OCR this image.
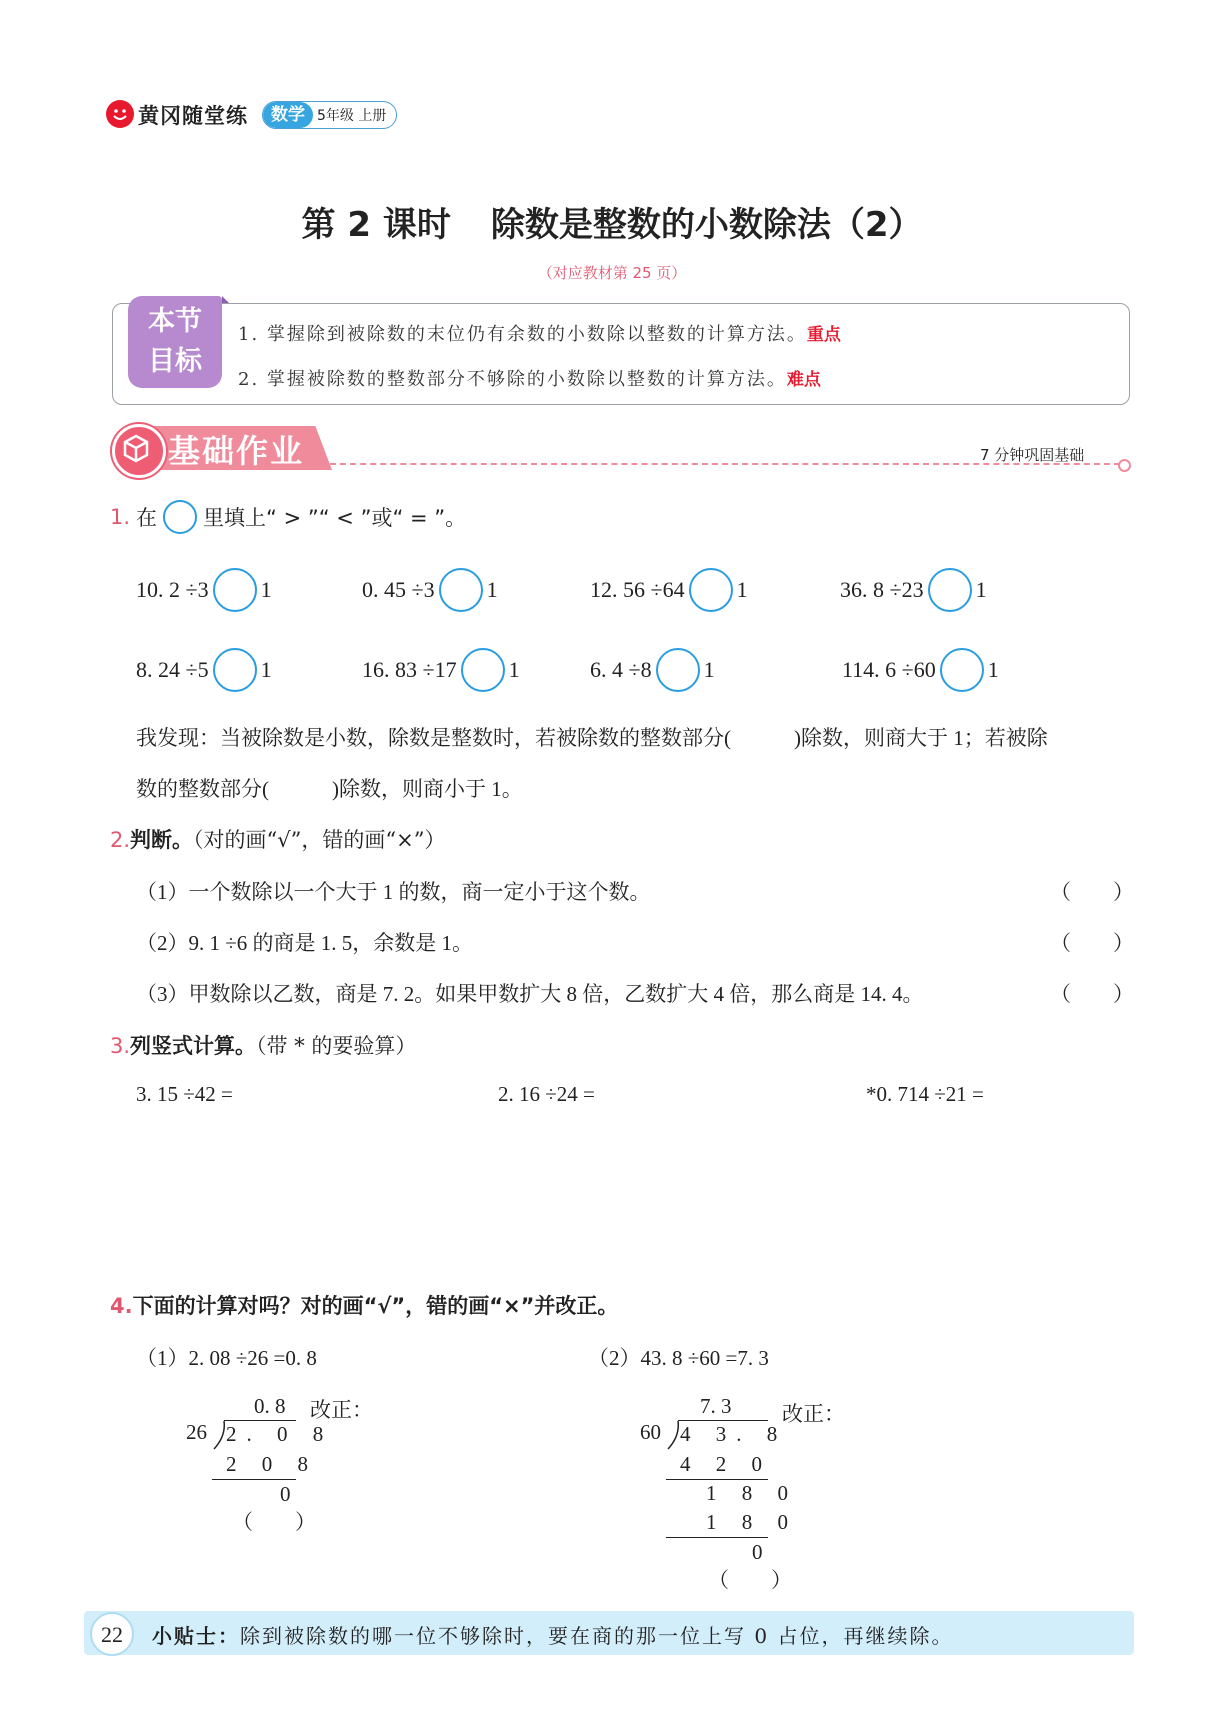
黄冈随堂练	数学 5年级 上册
第 2 课时 除数是整数的小数除法（2）
（对应教材第 25 页）
本节
目标
1. 掌握除到被除数的末位仍有余数的小数除以整数的计算方法。重点
2. 掌握被除数的整数部分不够除的小数除以整数的计算方法。难点
基础作业	7 分钟巩固基础
1. 在 里填上“ > ”“ < ”或“ = ”。
10. 2 ÷3 1	0. 45 ÷3 1	12. 56 ÷64 1	36. 8 ÷23 1
8. 24 ÷5 1	16. 83 ÷17 1	6. 4 ÷8 1	114. 6 ÷60 1
我发现：当被除数是小数，除数是整数时，若被除数的整数部分(　　　)除数，则商大于 1；若被除
数的整数部分(　　　)除数，则商小于 1。
2.判断。（对的画“√”，错的画“×”）
（1）一个数除以一个大于 1 的数，商一定小于这个数。	（　　）
（2）9. 1 ÷6 的商是 1. 5，余数是 1。	（　　）
（3）甲数除以乙数，商是 7. 2。如果甲数扩大 8 倍，乙数扩大 4 倍，那么商是 14. 4。	（　　）
3.列竖式计算。（带 * 的要验算）
3. 15 ÷42 =	2. 16 ÷24 =	*0. 714 ÷21 =
4.下面的计算对吗？对的画“√”，错的画“×”并改正。
（1）2. 08 ÷26 =0. 8
0. 8
26 2. 0 8
2 0 8
0
（　　）
改正：
（2）43. 8 ÷60 =7. 3
7. 3
60 4 3. 8
4 2 0
1 8 0
1 8 0
0
（　　）
改正：
22	小贴士：除到被除数的哪一位不够除时，要在商的那一位上写 0 占位，再继续除。
